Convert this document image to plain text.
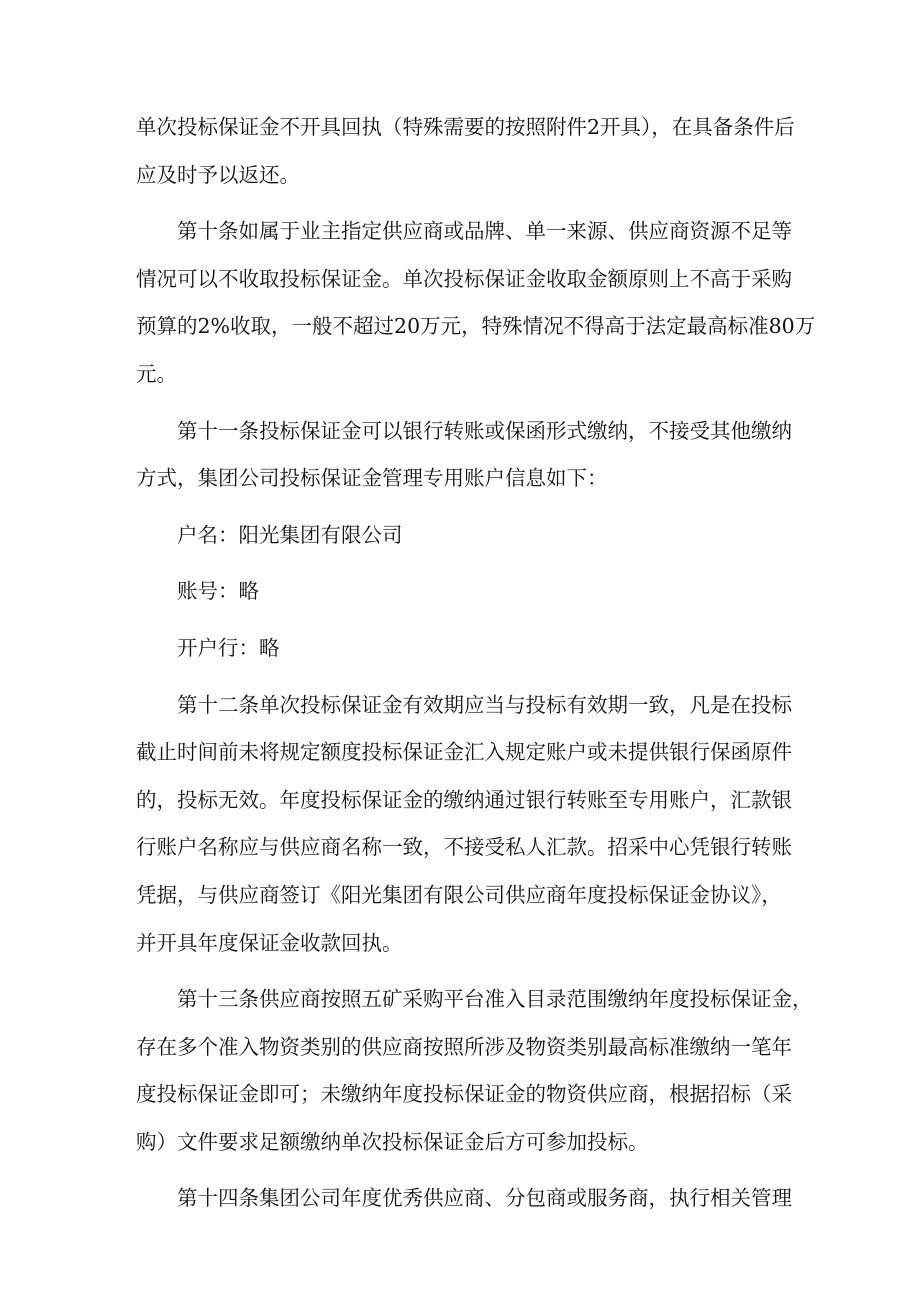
单次投标保证金不开具回执（特殊需要的按照附件2开具），在具备条件后
应及时予以返还。

第十条如属于业主指定供应商或品牌、单一来源、供应商资源不足等
情况可以不收取投标保证金。单次投标保证金收取金额原则上不高于采购
预算的2%收取，一般不超过20万元，特殊情况不得高于法定最高标准80万
元。

第十一条投标保证金可以银行转账或保函形式缴纳，不接受其他缴纳
方式，集团公司投标保证金管理专用账户信息如下：

户名：阳光集团有限公司

账号：略

开户行：略

第十二条单次投标保证金有效期应当与投标有效期一致，凡是在投标
截止时间前未将规定额度投标保证金汇入规定账户或未提供银行保函原件
的，投标无效。年度投标保证金的缴纳通过银行转账至专用账户，汇款银
行账户名称应与供应商名称一致，不接受私人汇款。招采中心凭银行转账
凭据，与供应商签订《阳光集团有限公司供应商年度投标保证金协议》，
并开具年度保证金收款回执。

第十三条供应商按照五矿采购平台准入目录范围缴纳年度投标保证金，
存在多个准入物资类别的供应商按照所涉及物资类别最高标准缴纳一笔年
度投标保证金即可；未缴纳年度投标保证金的物资供应商，根据招标（采
购）文件要求足额缴纳单次投标保证金后方可参加投标。

第十四条集团公司年度优秀供应商、分包商或服务商，执行相关管理
